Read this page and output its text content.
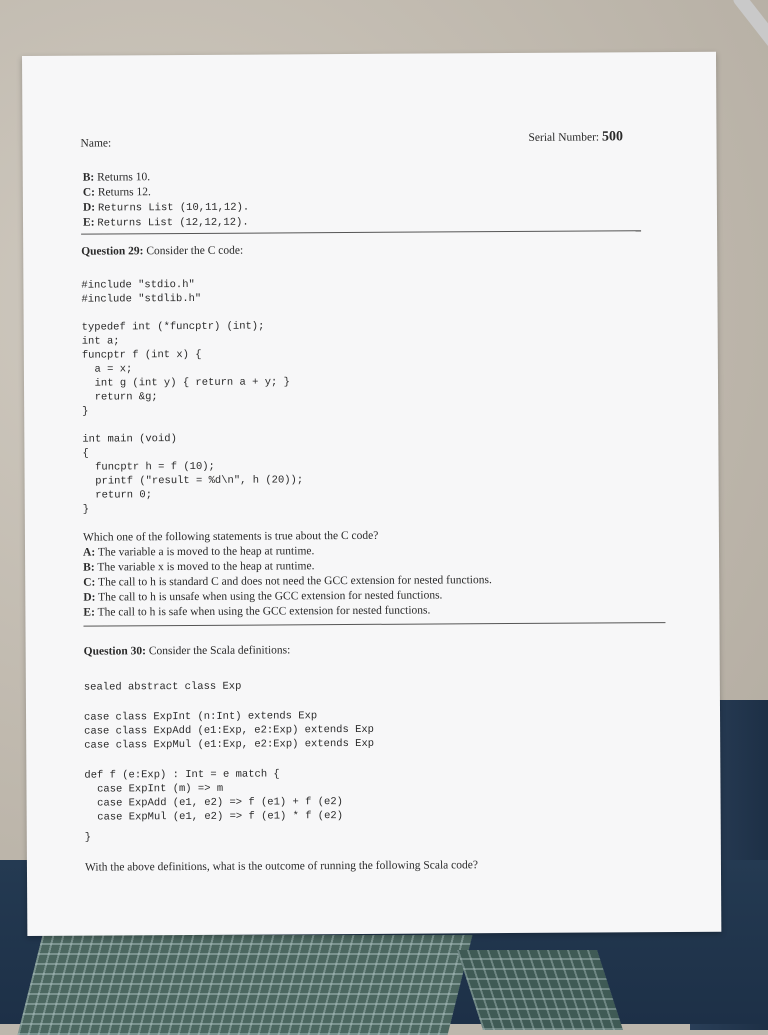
Name:	Serial Number: 500
B: Returns 10.
C: Returns 12.
D: Returns List (10,11,12).
E: Returns List (12,12,12).
Question 29: Consider the C code:
#include "stdio.h"
#include "stdlib.h"
typedef int (*funcptr) (int);
int a;
funcptr f (int x) {
a = x;
int g (int y) { return a + y; }
return &g;
}
int main (void)
{
funcptr h = f (10);
printf ("result = %d\n", h (20));
return 0;
}
Which one of the following statements is true about the C code?
A: The variable a is moved to the heap at runtime.
B: The variable x is moved to the heap at runtime.
C: The call to h is standard C and does not need the GCC extension for nested functions.
D: The call to h is unsafe when using the GCC extension for nested functions.
E: The call to h is safe when using the GCC extension for nested functions.
Question 30: Consider the Scala definitions:
sealed abstract class Exp
case class ExpInt (n:Int) extends Exp
case class ExpAdd (e1:Exp, e2:Exp) extends Exp
case class ExpMul (e1:Exp, e2:Exp) extends Exp
def f (e:Exp) : Int = e match {
case ExpInt (m) => m
case ExpAdd (e1, e2) => f (e1) + f (e2)
case ExpMul (e1, e2) => f (e1) * f (e2)
}
With the above definitions, what is the outcome of running the following Scala code?
